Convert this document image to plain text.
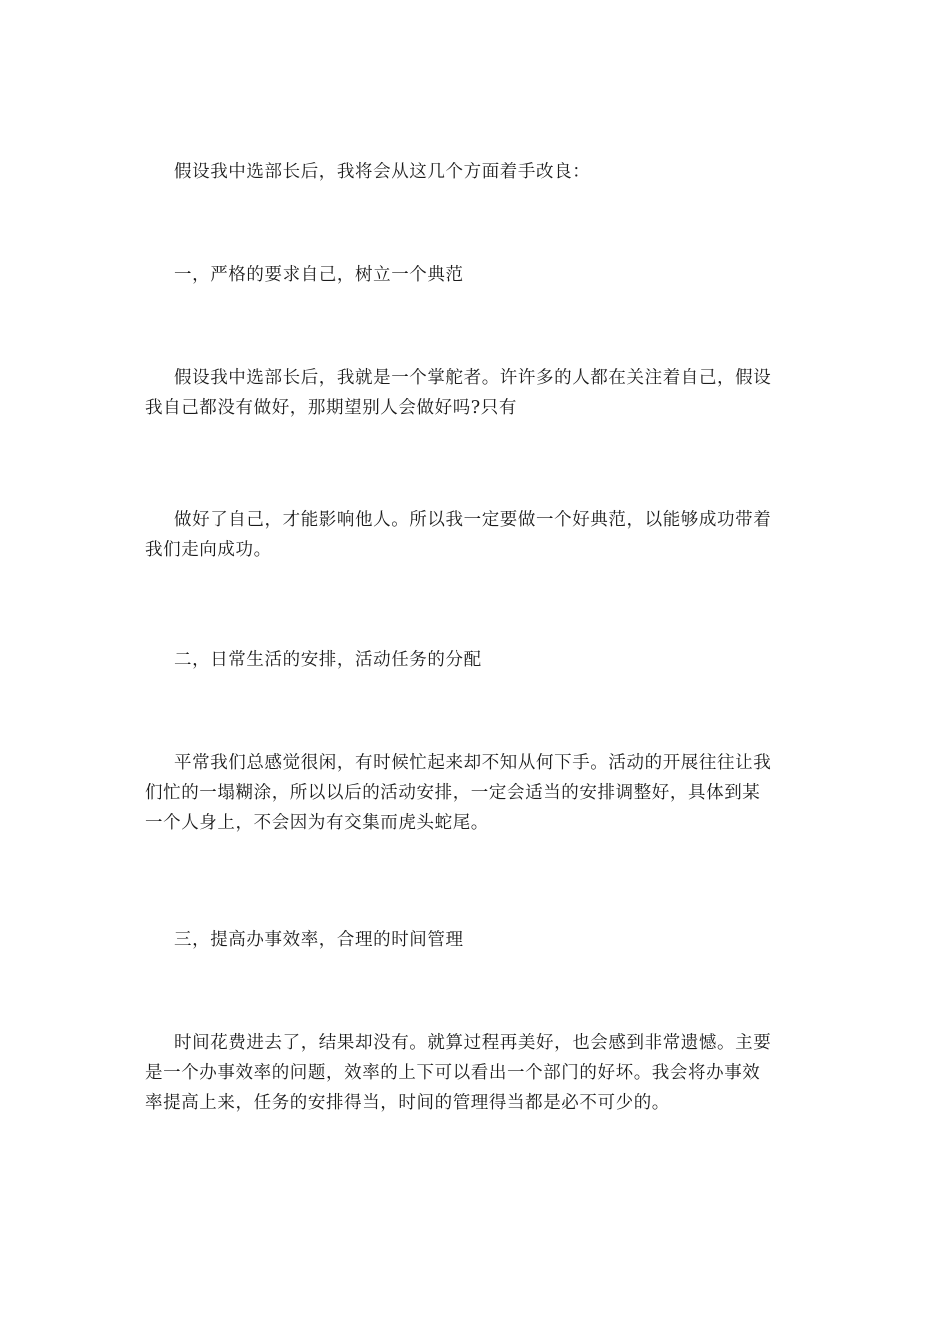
假设我中选部长后，我将会从这几个方面着手改良：

一，严格的要求自己，树立一个典范

假设我中选部长后，我就是一个掌舵者。许许多的人都在关注着自己，假设
我自己都没有做好，那期望别人会做好吗?只有

做好了自己，才能影响他人。所以我一定要做一个好典范，以能够成功带着
我们走向成功。

二，日常生活的安排，活动任务的分配

平常我们总感觉很闲，有时候忙起来却不知从何下手。活动的开展往往让我
们忙的一塌糊涂，所以以后的活动安排，一定会适当的安排调整好，具体到某
一个人身上，不会因为有交集而虎头蛇尾。

三，提高办事效率，合理的时间管理

时间花费进去了，结果却没有。就算过程再美好，也会感到非常遗憾。主要
是一个办事效率的问题，效率的上下可以看出一个部门的好坏。我会将办事效
率提高上来，任务的安排得当，时间的管理得当都是必不可少的。
